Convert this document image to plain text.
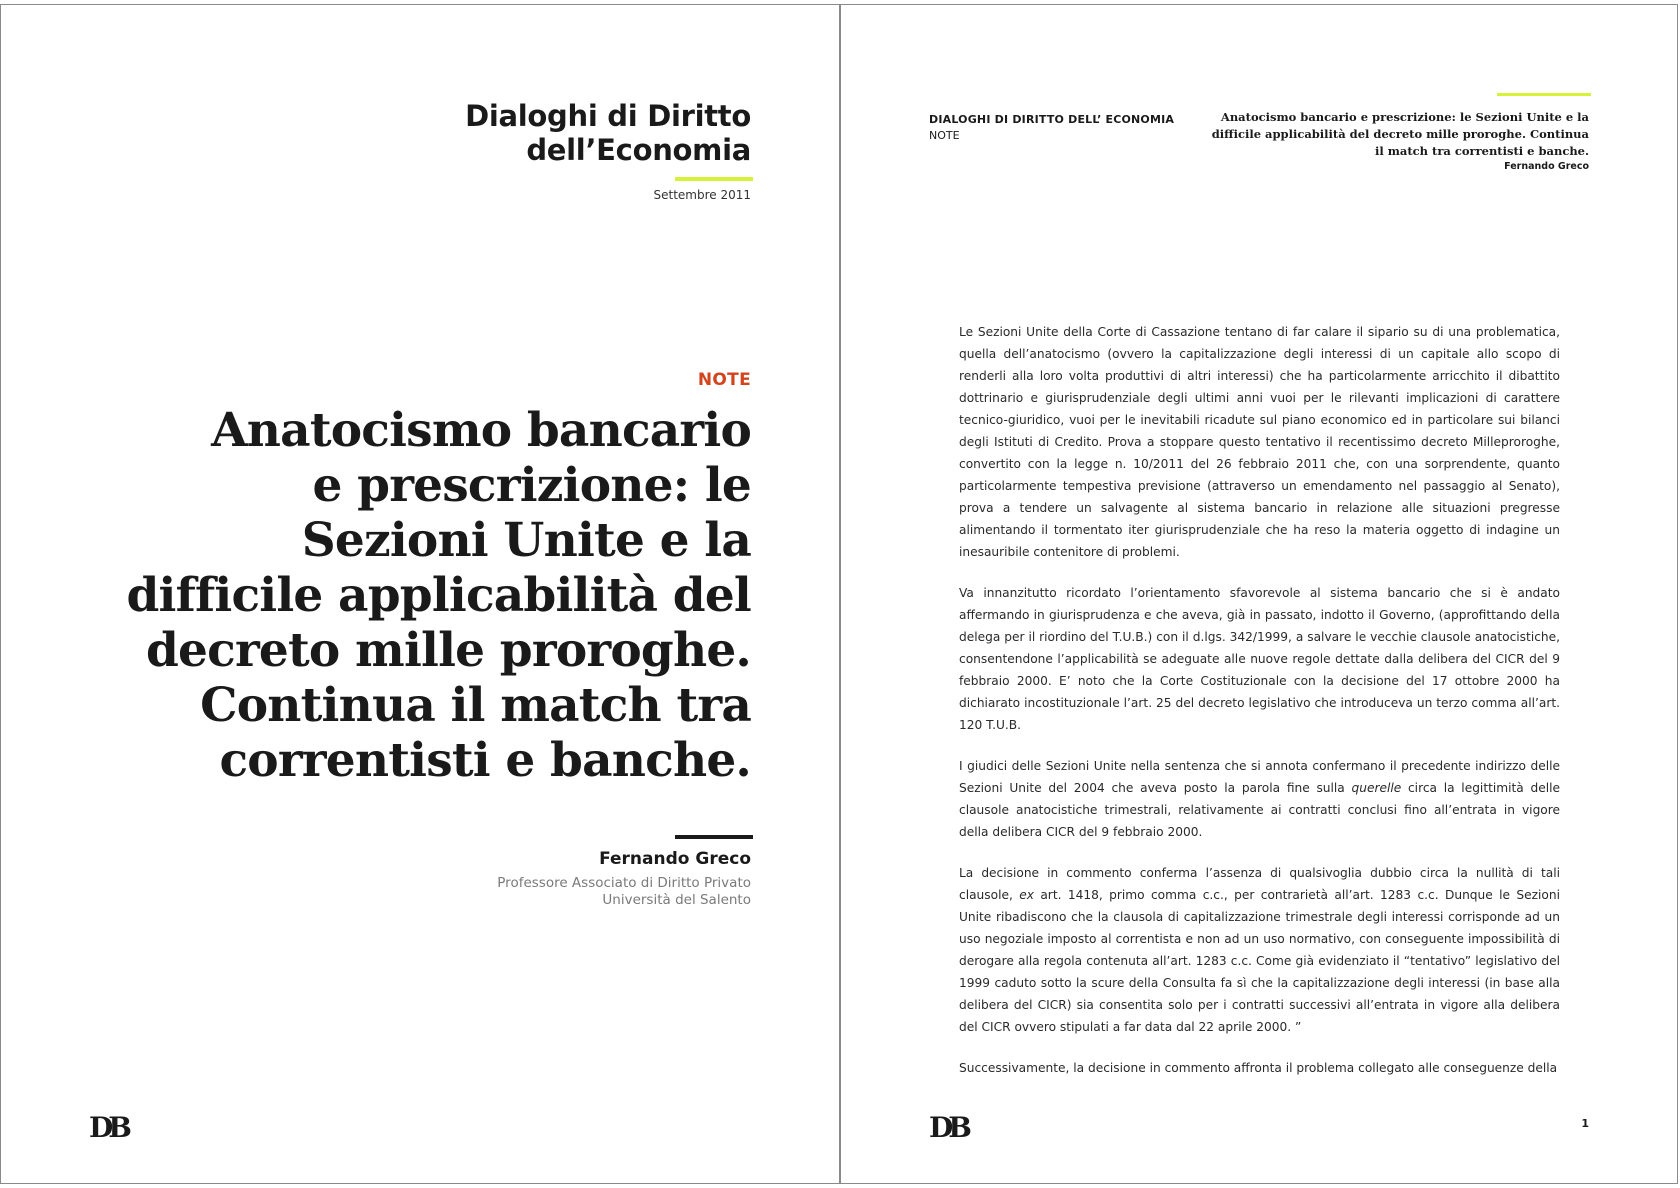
Dialoghi di Diritto
dell’Economia
Settembre 2011
NOTE
Anatocismo bancario
e prescrizione: le
Sezioni Unite e la
difficile applicabilità del
decreto mille proroghe.
Continua il match tra
correntisti e banche.
Fernando Greco
Professore Associato di Diritto Privato
Università del Salento
DB
DIALOGHI DI DIRITTO DELL’ ECONOMIA
NOTE
Anatocismo bancario e prescrizione: le Sezioni Unite e la difficile applicabilità del decreto mille proroghe. Continua il match tra correntisti e banche.
Fernando Greco

Le Sezioni Unite della Corte di Cassazione tentano di far calare il sipario su di una problematica, quella dell’anatocismo (ovvero la capitalizzazione degli interessi di un capitale allo scopo di renderli alla loro volta produttivi di altri interessi) che ha particolarmente arricchito il dibattito dottrinario e giurisprudenziale degli ultimi anni vuoi per le rilevanti implicazioni di carattere tecnico-giuridico, vuoi per le inevitabili ricadute sul piano economico ed in particolare sui bilanci degli Istituti di Credito. Prova a stoppare questo tentativo il recentissimo decreto Milleproroghe, convertito con la legge n. 10/2011 del 26 febbraio 2011 che, con una sorprendente, quanto particolarmente tempestiva previsione (attraverso un emendamento nel passaggio al Senato), prova a tendere un salvagente al sistema bancario in relazione alle situazioni pregresse alimentando il tormentato iter giurisprudenziale che ha reso la materia oggetto di indagine un inesauribile contenitore di problemi.

Va innanzitutto ricordato l’orientamento sfavorevole al sistema bancario che si è andato affermando in giurisprudenza e che aveva, già in passato, indotto il Governo, (approfittando della delega per il riordino del T.U.B.) con il d.lgs. 342/1999, a salvare le vecchie clausole anatocistiche, consentendone l’applicabilità se adeguate alle nuove regole dettate dalla delibera del CICR del 9 febbraio 2000. E’ noto che la Corte Costituzionale con la decisione del 17 ottobre 2000 ha dichiarato incostituzionale l’art. 25 del decreto legislativo che introduceva un terzo comma all’art. 120 T.U.B.

I giudici delle Sezioni Unite nella sentenza che si annota confermano il precedente indirizzo delle Sezioni Unite del 2004 che aveva posto la parola fine sulla querelle circa la legittimità delle clausole anatocistiche trimestrali, relativamente ai contratti conclusi fino all’entrata in vigore della delibera CICR del 9 febbraio 2000.

La decisione in commento conferma l’assenza di qualsivoglia dubbio circa la nullità di tali clausole, ex art. 1418, primo comma c.c., per contrarietà all’art. 1283 c.c. Dunque le Sezioni Unite ribadiscono che la clausola di capitalizzazione trimestrale degli interessi corrisponde ad un uso negoziale imposto al correntista e non ad un uso normativo, con conseguente impossibilità di derogare alla regola contenuta all’art. 1283 c.c. Come già evidenziato il “tentativo” legislativo del 1999 caduto sotto la scure della Consulta fa sì che la capitalizzazione degli interessi (in base alla delibera del CICR) sia consentita solo per i contratti successivi all’entrata in vigore alla delibera del CICR ovvero stipulati a far data dal 22 aprile 2000. ”

Successivamente, la decisione in commento affronta il problema collegato alle conseguenze della

DB	1
